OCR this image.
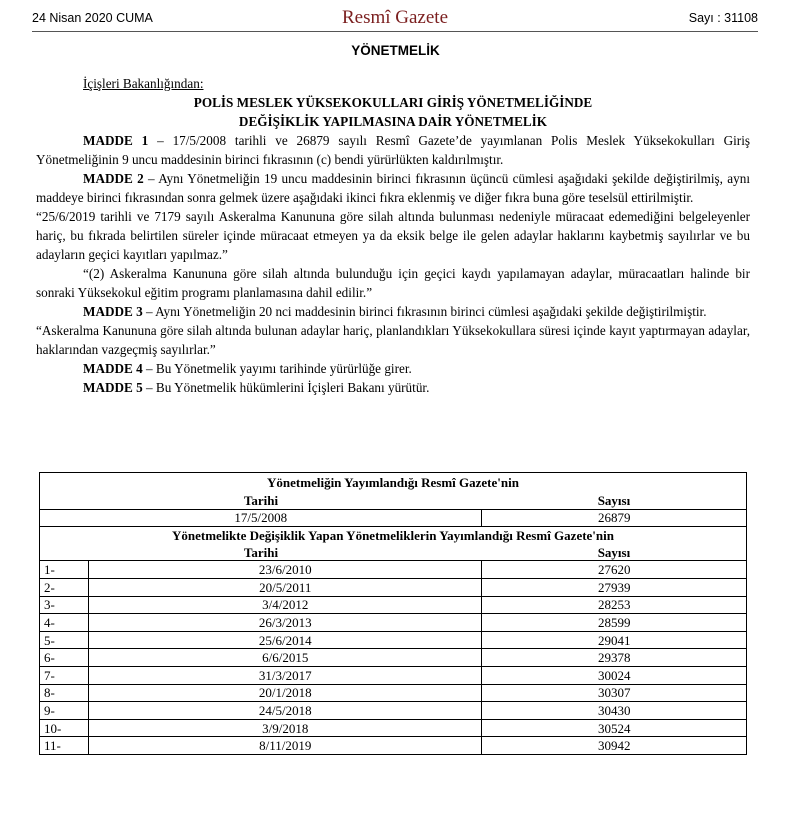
24 Nisan 2020 CUMA	Resmî Gazete	Sayı : 31108
YÖNETMELİK

İçişleri Bakanlığından:

POLİS MESLEK YÜKSEKOKULLARI GİRİŞ YÖNETMELİĞİNDE

DEĞİŞİKLİK YAPILMASINA DAİR YÖNETMELİK

MADDE 1 – 17/5/2008 tarihli ve 26879 sayılı Resmî Gazete’de yayımlanan Polis Meslek Yüksekokulları Giriş Yönetmeliğinin 9 uncu maddesinin birinci fıkrasının (c) bendi yürürlükten kaldırılmıştır.

MADDE 2 – Aynı Yönetmeliğin 19 uncu maddesinin birinci fıkrasının üçüncü cümlesi aşağıdaki şekilde değiştirilmiş, aynı maddeye birinci fıkrasından sonra gelmek üzere aşağıdaki ikinci fıkra eklenmiş ve diğer fıkra buna göre teselsül ettirilmiştir.

“25/6/2019 tarihli ve 7179 sayılı Askeralma Kanununa göre silah altında bulunması nedeniyle müracaat edemediğini belgeleyenler hariç, bu fıkrada belirtilen süreler içinde müracaat etmeyen ya da eksik belge ile gelen adaylar haklarını kaybetmiş sayılırlar ve bu adayların geçici kayıtları yapılmaz.”

“(2) Askeralma Kanununa göre silah altında bulunduğu için geçici kaydı yapılamayan adaylar, müracaatları halinde bir sonraki Yüksekokul eğitim programı planlamasına dahil edilir.”

MADDE 3 – Aynı Yönetmeliğin 20 nci maddesinin birinci fıkrasının birinci cümlesi aşağıdaki şekilde değiştirilmiştir.

“Askeralma Kanununa göre silah altında bulunan adaylar hariç, planlandıkları Yüksekokullara süresi içinde kayıt yaptırmayan adaylar, haklarından vazgeçmiş sayılırlar.”

MADDE 4 – Bu Yönetmelik yayımı tarihinde yürürlüğe girer.

MADDE 5 – Bu Yönetmelik hükümlerini İçişleri Bakanı yürütür.

Yönetmeliğin Yayımlandığı Resmî Gazete'nin		
Tarihi		Sayısı
17/5/2008		26879
Yönetmelikte Değişiklik Yapan Yönetmeliklerin Yayımlandığı Resmî Gazete'nin		
Tarihi		Sayısı
1-	23/6/2010	27620
2-	20/5/2011	27939
3-	3/4/2012	28253
4-	26/3/2013	28599
5-	25/6/2014	29041
6-	6/6/2015	29378
7-	31/3/2017	30024
8-	20/1/2018	30307
9-	24/5/2018	30430
10-	3/9/2018	30524
11-	8/11/2019	30942
